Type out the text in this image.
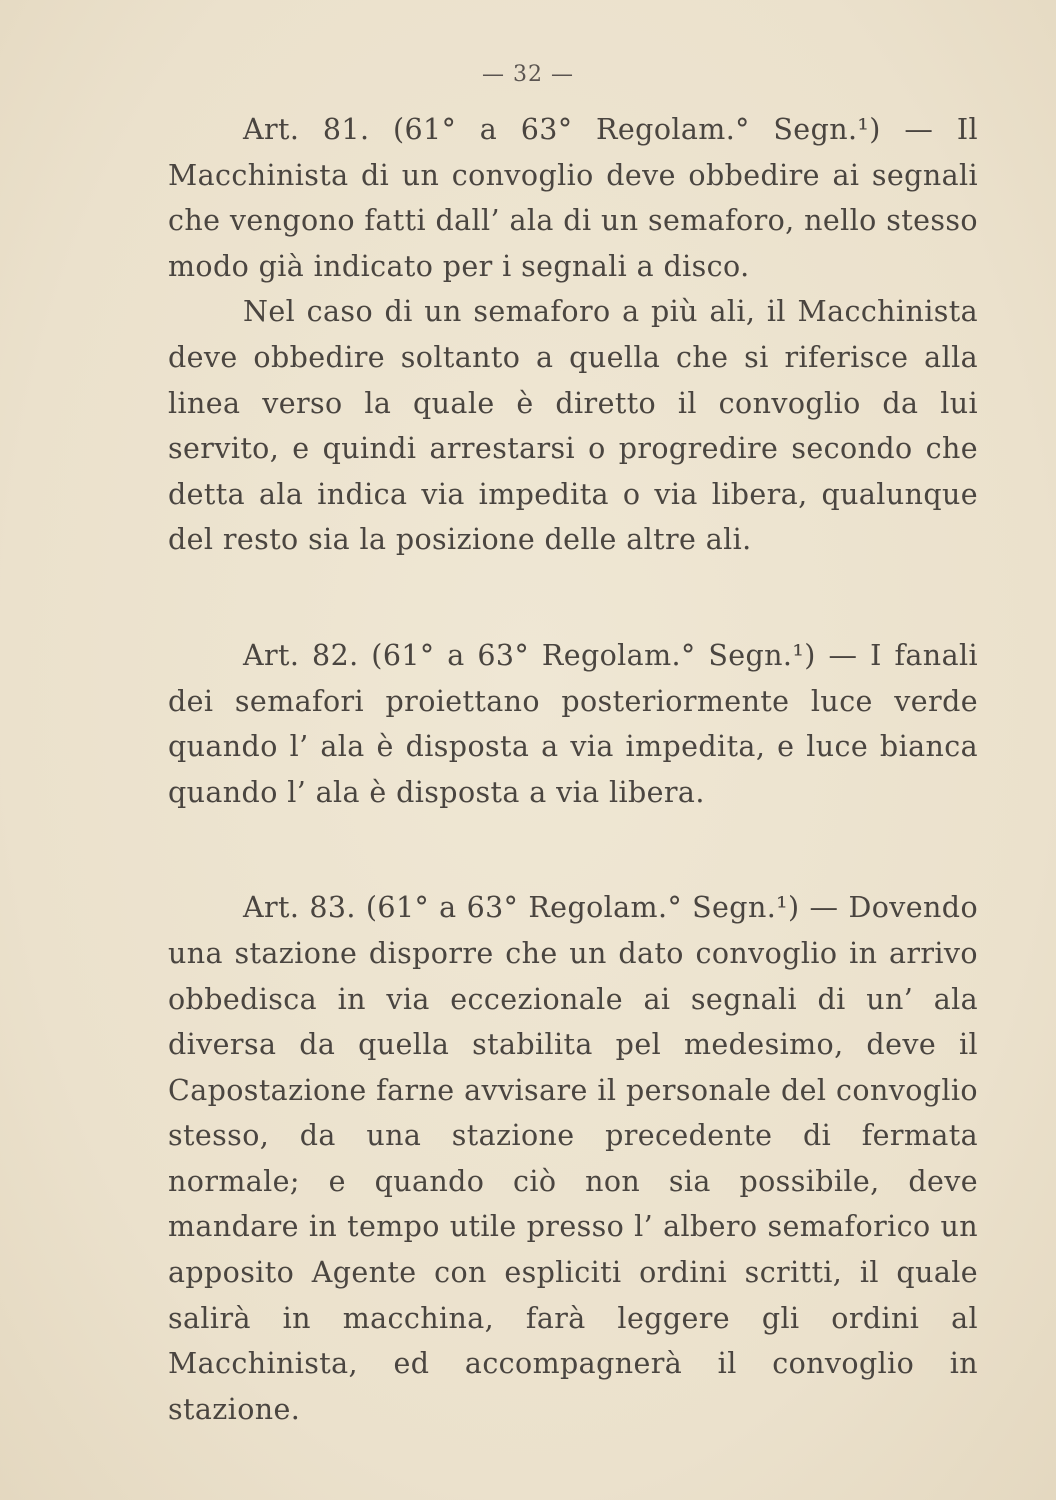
— 32 —

Art. 81. (61° a 63° Regolam.° Segn.¹) — Il Macchinista di un convoglio deve obbedire ai segnali che vengono fatti dall’ ala di un semaforo, nello stesso modo già indicato per i segnali a disco.

Nel caso di un semaforo a più ali, il Macchinista deve obbedire soltanto a quella che si riferisce alla linea verso la quale è diretto il convoglio da lui servito, e quindi arrestarsi o progredire secondo che detta ala indica via impedita o via libera, qualunque del resto sia la posizione delle altre ali.

Art. 82. (61° a 63° Regolam.° Segn.¹) — I fanali dei semafori proiettano posteriormente luce verde quando l’ ala è disposta a via impedita, e luce bianca quando l’ ala è disposta a via libera.

Art. 83. (61° a 63° Regolam.° Segn.¹) — Dovendo una stazione disporre che un dato convoglio in arrivo obbedisca in via eccezionale ai segnali di un’ ala diversa da quella stabilita pel medesimo, deve il Capostazione farne avvisare il personale del convoglio stesso, da una stazione precedente di fermata normale; e quando ciò non sia possibile, deve mandare in tempo utile presso l’ albero semaforico un apposito Agente con espliciti ordini scritti, il quale salirà in macchina, farà leggere gli ordini al Macchinista, ed accompagnerà il convoglio in stazione.
